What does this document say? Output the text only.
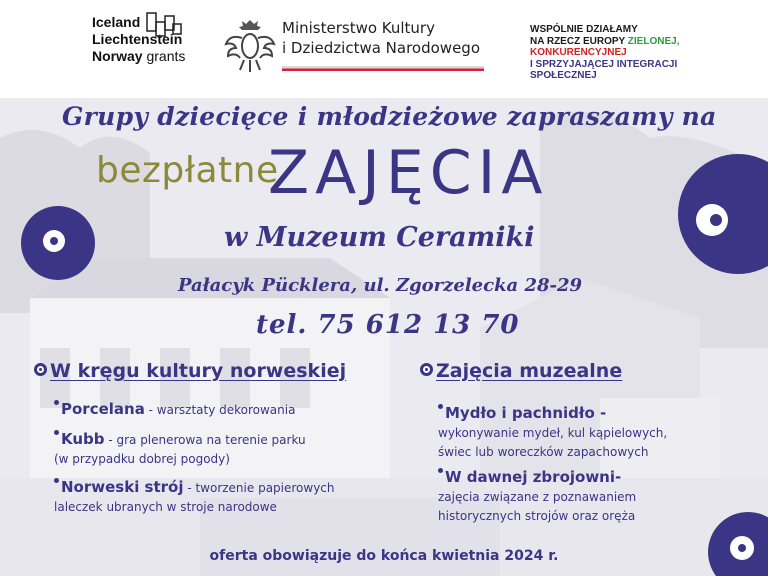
Iceland
Liechtenstein
Norway grants
Ministerstwo Kultury
i Dziedzictwa Narodowego
WSPÓLNIE DZIAŁAMY
NA RZECZ EUROPY ZIELONEJ,
KONKURENCYJNEJ
I SPRZYJAJĄCEJ INTEGRACJI
SPOŁECZNEJ
Grupy dziecięce i młodzieżowe zapraszamy na
bezpłatne
ZAJĘCIA
w Muzeum Ceramiki
Pałacyk Pücklera, ul. Zgorzelecka 28-29
tel. 75 612 13 70
W kręgu kultury norweskiej
Porcelana - warsztaty dekorowania
Kubb - gra plenerowa na terenie parku
(w przypadku dobrej pogody)
Norweski strój - tworzenie papierowych
laleczek ubranych w stroje narodowe
Zajęcia muzealne
Mydło i pachnidło -
wykonywanie mydeł, kul kąpielowych,
świec lub woreczków zapachowych
W dawnej zbrojowni-
zajęcia związane z poznawaniem
historycznych strojów oraz oręża
oferta obowiązuje do końca kwietnia 2024 r.
